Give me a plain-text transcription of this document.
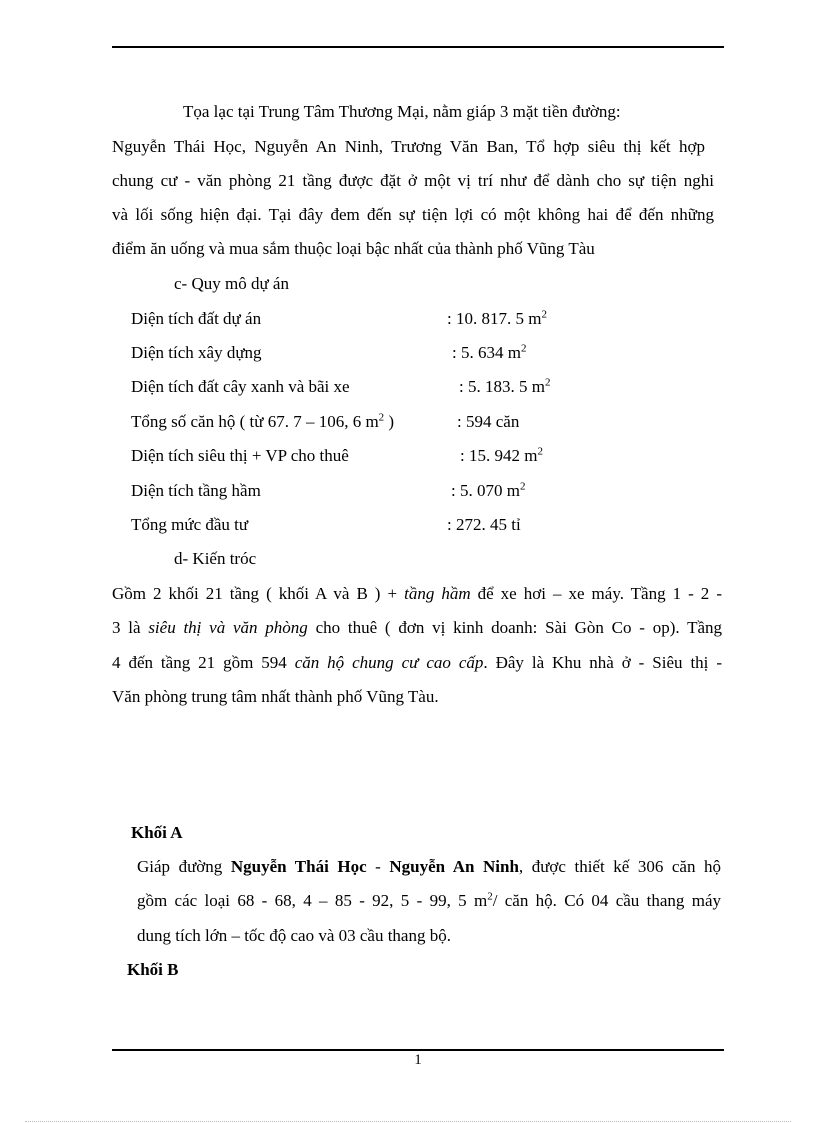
Tọa lạc tại Trung Tâm Thương Mại, nằm giáp 3 mặt tiền đường:
Nguyễn Thái Học, Nguyễn An Ninh, Trương Văn Ban, Tổ hợp siêu thị kết hợp
chung cư - văn phòng 21 tầng được đặt ở một vị trí như để dành cho sự tiện nghi
và lối sống hiện đại. Tại đây đem đến sự tiện lợi có một không hai để đến những
điểm ăn uống và mua sắm thuộc loại bậc nhất của thành phố Vũng Tàu
c- Quy mô dự án
Diện tích đất dự án	: 10. 817. 5 $m^2$
Diện tích xây dựng	: 5. 634 $m^2$
Diện tích đất cây xanh và bãi xe	: 5. 183. 5 $m^2$
Tổng số căn hộ ( từ 67. 7 – 106, 6 $m^2$ )	: 594 căn
Diện tích siêu thị + VP cho thuê	: 15. 942 $m^2$
Diện tích tầng hầm	: 5. 070 $m^2$
Tổng mức đầu tư	: 272. 45 tỉ
d- Kiến tróc
Gồm 2 khối 21 tầng ( khối A và B ) + tầng hầm để xe hơi – xe máy. Tầng 1 - 2 -
3 là siêu thị và văn phòng cho thuê ( đơn vị kinh doanh: Sài Gòn Co - op). Tầng
4 đến tầng 21 gồm 594 căn hộ chung cư cao cấp. Đây là Khu nhà ở - Siêu thị -
Văn phòng trung tâm nhất thành phố Vũng Tàu.
Khối A
Giáp đường Nguyễn Thái Học - Nguyễn An Ninh, được thiết kế 306 căn hộ
gồm các loại 68 - 68, 4 – 85 - 92, 5 - 99, 5 $m^2/$ căn hộ. Có 04 cầu thang máy
dung tích lớn – tốc độ cao và 03 cầu thang bộ.
Khối B
1
